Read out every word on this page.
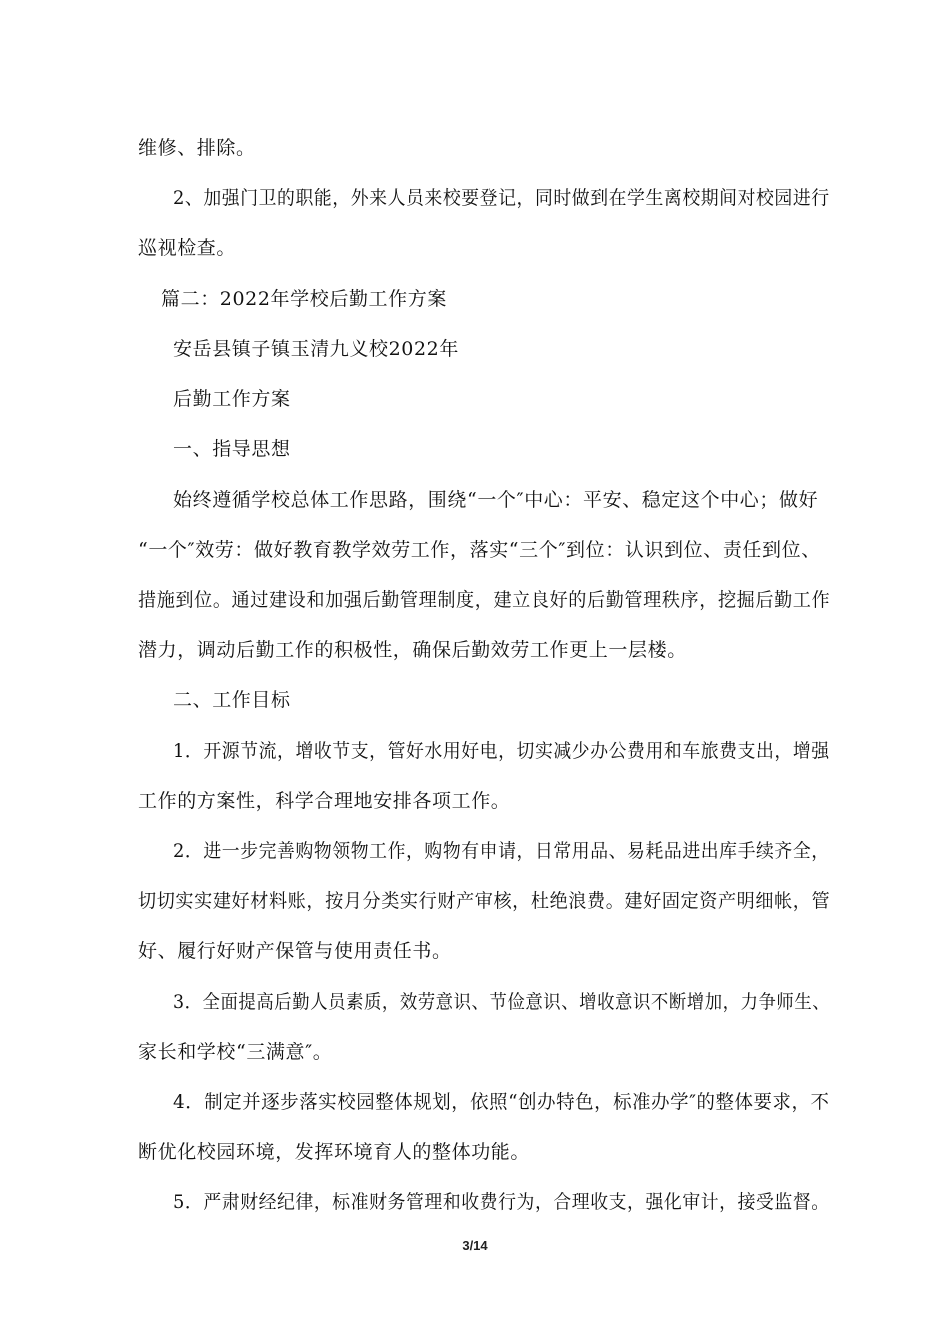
维修、排除。
2、加强门卫的职能，外来人员来校要登记，同时做到在学生离校期间对校园进行
巡视检查。
篇二：2022年学校后勤工作方案
安岳县镇子镇玉清九义校2022年
后勤工作方案
一、指导思想
始终遵循学校总体工作思路，围绕“一个″中心：平安、稳定这个中心；做好
“一个″效劳：做好教育教学效劳工作，落实“三个″到位：认识到位、责任到位、
措施到位。通过建设和加强后勤管理制度，建立良好的后勤管理秩序，挖掘后勤工作
潜力，调动后勤工作的积极性，确保后勤效劳工作更上一层楼。
二、工作目标
1．开源节流，增收节支，管好水用好电，切实减少办公费用和车旅费支出，增强
工作的方案性，科学合理地安排各项工作。
2．进一步完善购物领物工作，购物有申请，日常用品、易耗品进出库手续齐全，
切切实实建好材料账，按月分类实行财产审核，杜绝浪费。建好固定资产明细帐，管
好、履行好财产保管与使用责任书。
3．全面提高后勤人员素质，效劳意识、节俭意识、增收意识不断增加，力争师生、
家长和学校“三满意″。
4．制定并逐步落实校园整体规划，依照“创办特色，标准办学″的整体要求，不
断优化校园环境，发挥环境育人的整体功能。
5．严肃财经纪律，标准财务管理和收费行为，合理收支，强化审计，接受监督。
3/14
